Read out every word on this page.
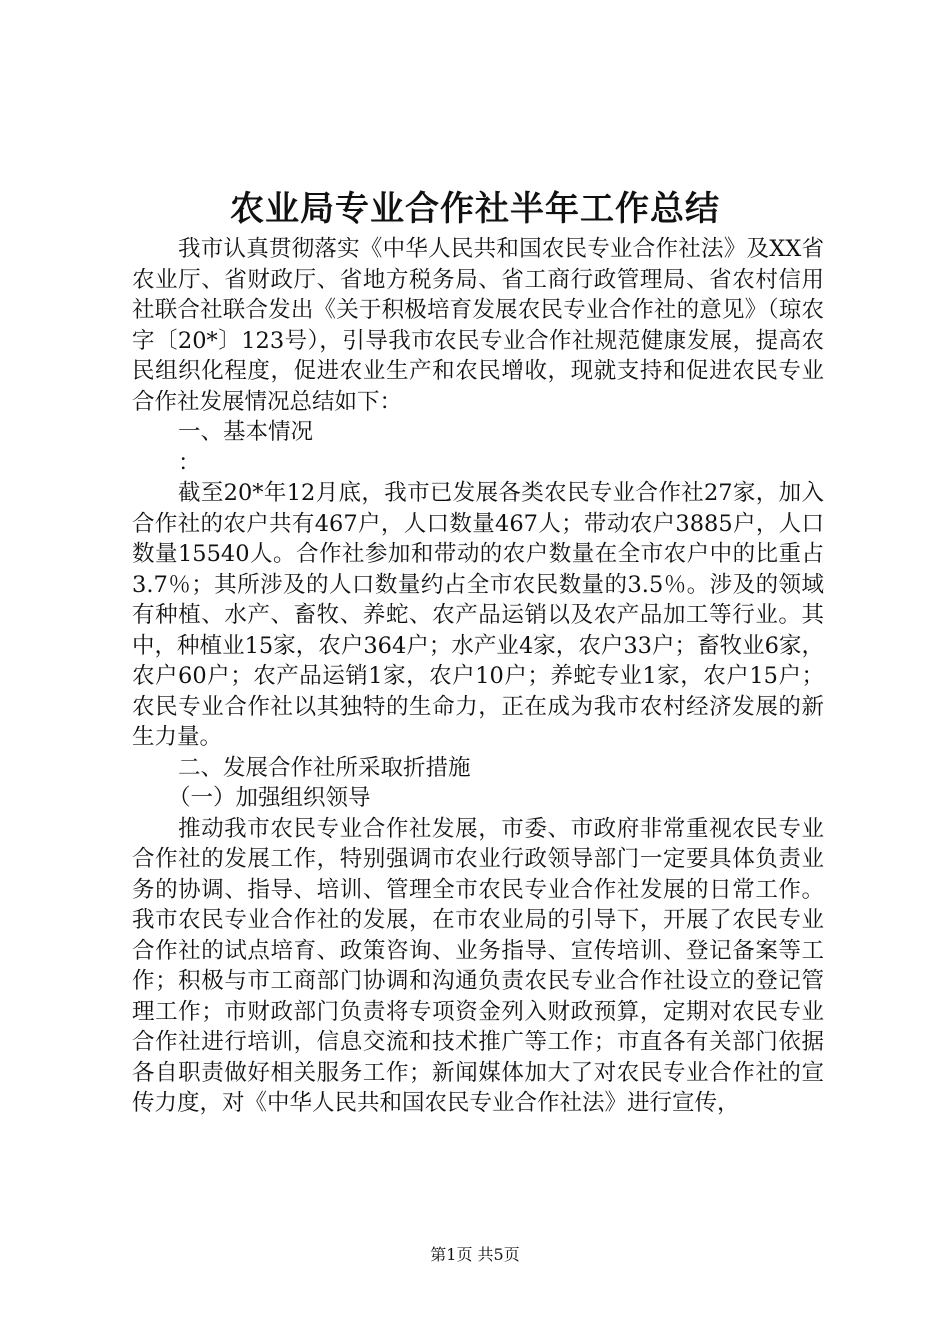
农业局专业合作社半年工作总结

我市认真贯彻落实《中华人民共和国农民专业合作社法》及XX省农业厅、省财政厅、省地方税务局、省工商行政管理局、省农村信用社联合社联合发出《关于积极培育发展农民专业合作社的意见》（琼农字〔20*〕123号），引导我市农民专业合作社规范健康发展，提高农民组织化程度，促进农业生产和农民增收，现就支持和促进农民专业合作社发展情况总结如下：

一、基本情况

：

截至20*年12月底，我市已发展各类农民专业合作社27家，加入合作社的农户共有467户，人口数量467人；带动农户3885户，人口数量15540人。合作社参加和带动的农户数量在全市农户中的比重占3.7％；其所涉及的人口数量约占全市农民数量的3.5％。涉及的领域有种植、水产、畜牧、养蛇、农产品运销以及农产品加工等行业。其中，种植业15家，农户364户；水产业4家，农户33户；畜牧业6家，农户60户；农产品运销1家，农户10户；养蛇专业1家，农户15户；农民专业合作社以其独特的生命力，正在成为我市农村经济发展的新生力量。

二、发展合作社所采取折措施

（一）加强组织领导

推动我市农民专业合作社发展，市委、市政府非常重视农民专业合作社的发展工作，特别强调市农业行政领导部门一定要具体负责业务的协调、指导、培训、管理全市农民专业合作社发展的日常工作。我市农民专业合作社的发展，在市农业局的引导下，开展了农民专业合作社的试点培育、政策咨询、业务指导、宣传培训、登记备案等工作；积极与市工商部门协调和沟通负责农民专业合作社设立的登记管理工作；市财政部门负责将专项资金列入财政预算，定期对农民专业合作社进行培训，信息交流和技术推广等工作；市直各有关部门依据各自职责做好相关服务工作；新闻媒体加大了对农民专业合作社的宣传力度，对《中华人民共和国农民专业合作社法》进行宣传，

第1页 共5页
